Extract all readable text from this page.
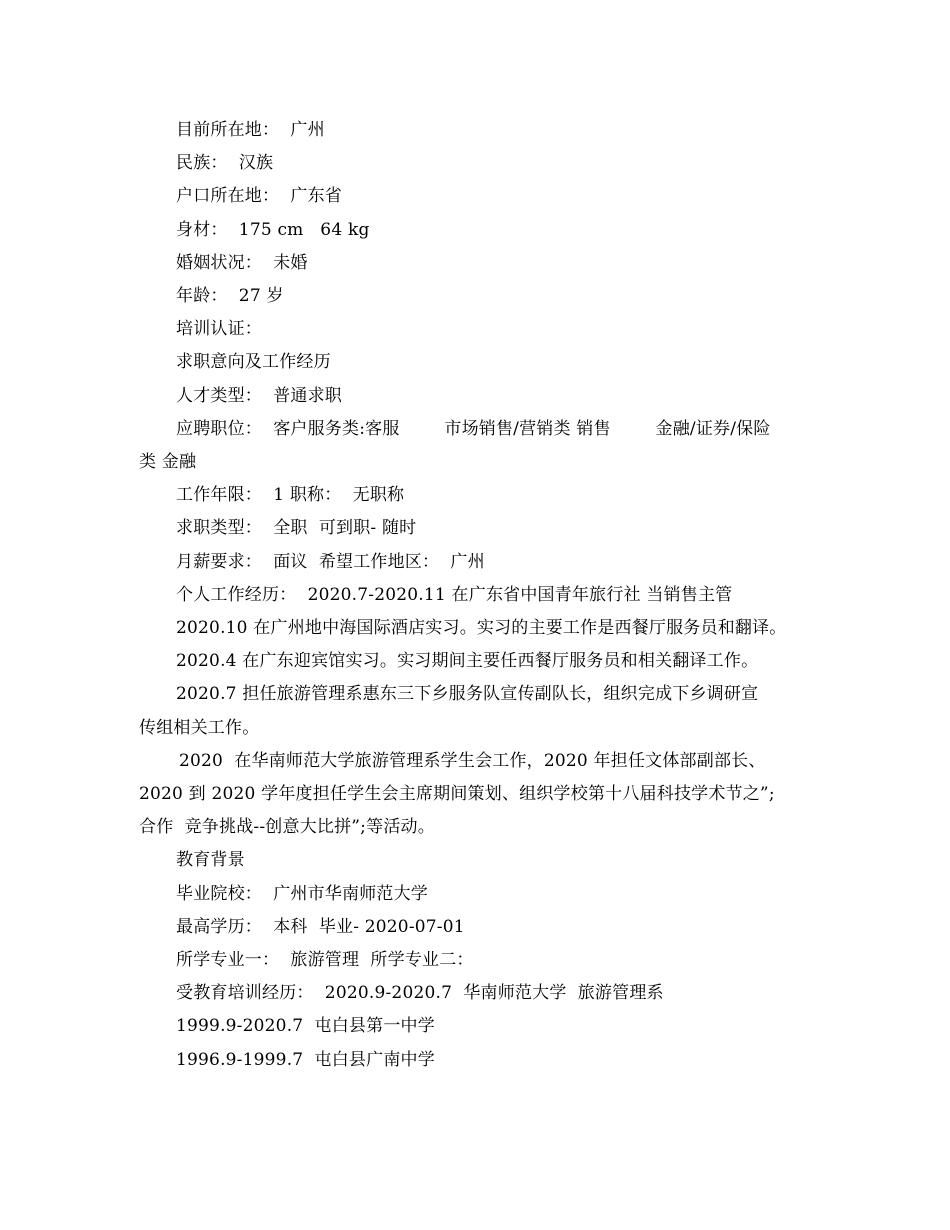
目前所在地：  广州

民族：  汉族

户口所在地：  广东省

身材：  175 cm   64 kg

婚姻状况：  未婚

年龄：  27 岁

培训认证：

求职意向及工作经历

人才类型：  普通求职

应聘职位：  客户服务类:客服        市场销售/营销类 销售        金融/证券/保险

类 金融

工作年限：  1 职称：  无职称

求职类型：  全职  可到职- 随时

月薪要求：  面议  希望工作地区：  广州

个人工作经历：  2020.7-2020.11 在广东省中国青年旅行社 当销售主管

2020.10 在广州地中海国际酒店实习。实习的主要工作是西餐厅服务员和翻译。

2020.4 在广东迎宾馆实习。实习期间主要任西餐厅服务员和相关翻译工作。

2020.7 担任旅游管理系惠东三下乡服务队宣传副队长，组织完成下乡调研宣

传组相关工作。

2020  在华南师范大学旅游管理系学生会工作，2020 年担任文体部副部长、

2020 到 2020 学年度担任学生会主席期间策划、组织学校第十八届科技学术节之”;

合作  竞争挑战--创意大比拼”;等活动。

教育背景

毕业院校：  广州市华南师范大学

最高学历：  本科  毕业- 2020-07-01

所学专业一：  旅游管理  所学专业二：

受教育培训经历：  2020.9-2020.7  华南师范大学  旅游管理系

1999.9-2020.7  屯白县第一中学

1996.9-1999.7  屯白县广南中学
